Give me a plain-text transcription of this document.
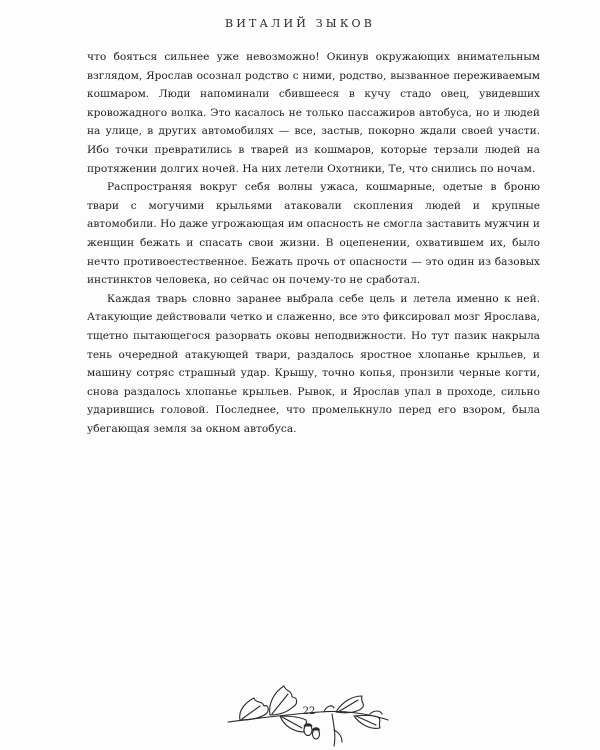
ВИТАЛИЙ ЗЫКОВ

что бояться сильнее уже невозможно! Окинув окружающих внимательным взглядом, Ярослав осознал родство с ними, родство, вызванное переживаемым кошмаром. Люди напоминали сбившееся в кучу стадо овец, увидевших кровожадного волка. Это касалось не только пассажиров автобуса, но и людей на улице, в других автомобилях — все, застыв, покорно ждали своей участи. Ибо точки превратились в тварей из кошмаров, которые терзали людей на протяжении долгих ночей. На них летели Охотники, Те, что снились по ночам.

Распространяя вокруг себя волны ужаса, кошмарные, одетые в броню твари с могучими крыльями атаковали скопления людей и крупные автомобили. Но даже угрожающая им опасность не смогла заставить мужчин и женщин бежать и спасать свои жизни. В оцепенении, охватившем их, было нечто противоестественное. Бежать прочь от опасности — это один из базовых инстинктов человека, но сейчас он почему-то не сработал.

Каждая тварь словно заранее выбрала себе цель и летела именно к ней. Атакующие действовали четко и слаженно, все это фиксировал мозг Ярослава, тщетно пытающегося разорвать оковы неподвижности. Но тут пазик накрыла тень очередной атакующей твари, раздалось яростное хлопанье крыльев, и машину сотряс страшный удар. Крышу, точно копья, пронзили черные когти, снова раздалось хлопанье крыльев. Рывок, и Ярослав упал в проходе, сильно ударившись головой. Последнее, что промелькнуло перед его взором, была убегающая земля за окном автобуса.

22
